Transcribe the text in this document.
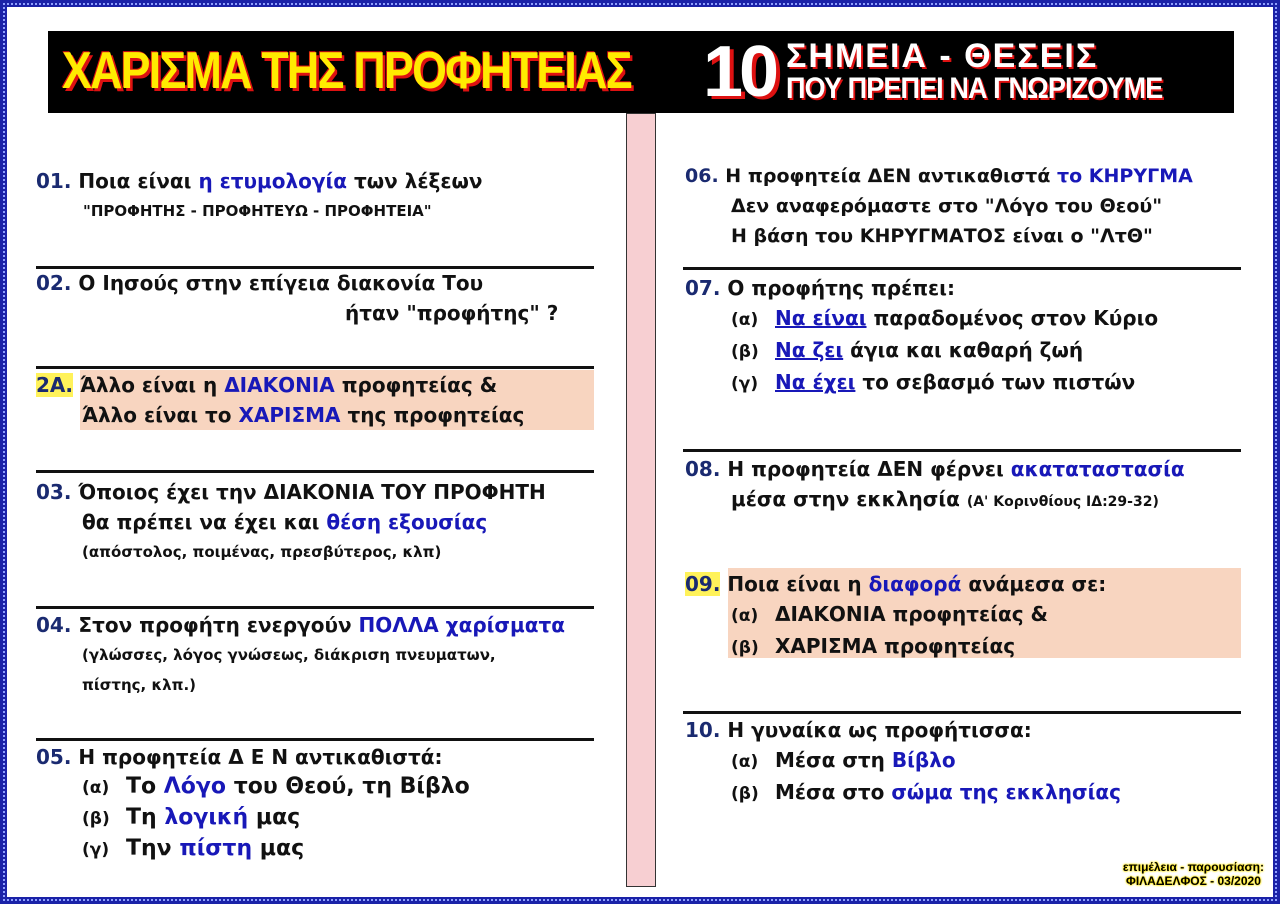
ΧΑΡΙΣΜΑ ΤΗΣ ΠΡΟΦΗΤΕΙΑΣ 10 ΣΗΜΕΙΑ - ΘΕΣΕΙΣ
ΠΟΥ ΠΡΕΠΕΙ ΝΑ ΓΝΩΡΙΖΟΥΜΕ
01. Ποια είναι η ετυμολογία των λέξεων
"ΠΡΟΦΗΤΗΣ - ΠΡΟΦΗΤΕΥΩ - ΠΡΟΦΗΤΕΙΑ"
02. Ο Ιησούς στην επίγεια διακονία Του
ήταν "προφήτης" ?
2Α. Άλλο είναι η ΔΙΑΚΟΝΙΑ προφητείας &
Άλλο είναι το ΧΑΡΙΣΜΑ της προφητείας
03. Όποιος έχει την ΔΙΑΚΟΝΙΑ ΤΟΥ ΠΡΟΦΗΤΗ
θα πρέπει να έχει και θέση εξουσίας
(απόστολος, ποιμένας, πρεσβύτερος, κλπ)
04. Στον προφήτη ενεργούν ΠΟΛΛΑ χαρίσματα
(γλώσσες, λόγος γνώσεως, διάκριση πνευματων,
πίστης, κλπ.)
05. Η προφητεία Δ Ε Ν αντικαθιστά:
(α) Το Λόγο του Θεού, τη Βίβλο
(β) Τη λογική μας
(γ) Την πίστη μας
06. Η προφητεία ΔΕΝ αντικαθιστά το ΚΗΡΥΓΜΑ
Δεν αναφερόμαστε στο "Λόγο του Θεού"
Η βάση του ΚΗΡΥΓΜΑΤΟΣ είναι ο "ΛτΘ"
07. Ο προφήτης πρέπει:
(α) Να είναι παραδομένος στον Κύριο
(β) Να ζει άγια και καθαρή ζωή
(γ) Να έχει το σεβασμό των πιστών
08. Η προφητεία ΔΕΝ φέρνει ακαταταστασία
μέσα στην εκκλησία (Α' Κορινθίους ΙΔ:29-32)
09. Ποια είναι η διαφορά ανάμεσα σε:
(α) ΔΙΑΚΟΝΙΑ προφητείας &
(β) ΧΑΡΙΣΜΑ προφητείας
10. Η γυναίκα ως προφήτισσα:
(α) Μέσα στη Βίβλο
(β) Μέσα στο σώμα της εκκλησίας
επιμέλεια - παρουσίαση:
ΦΙΛΑΔΕΛΦΟΣ - 03/2020
